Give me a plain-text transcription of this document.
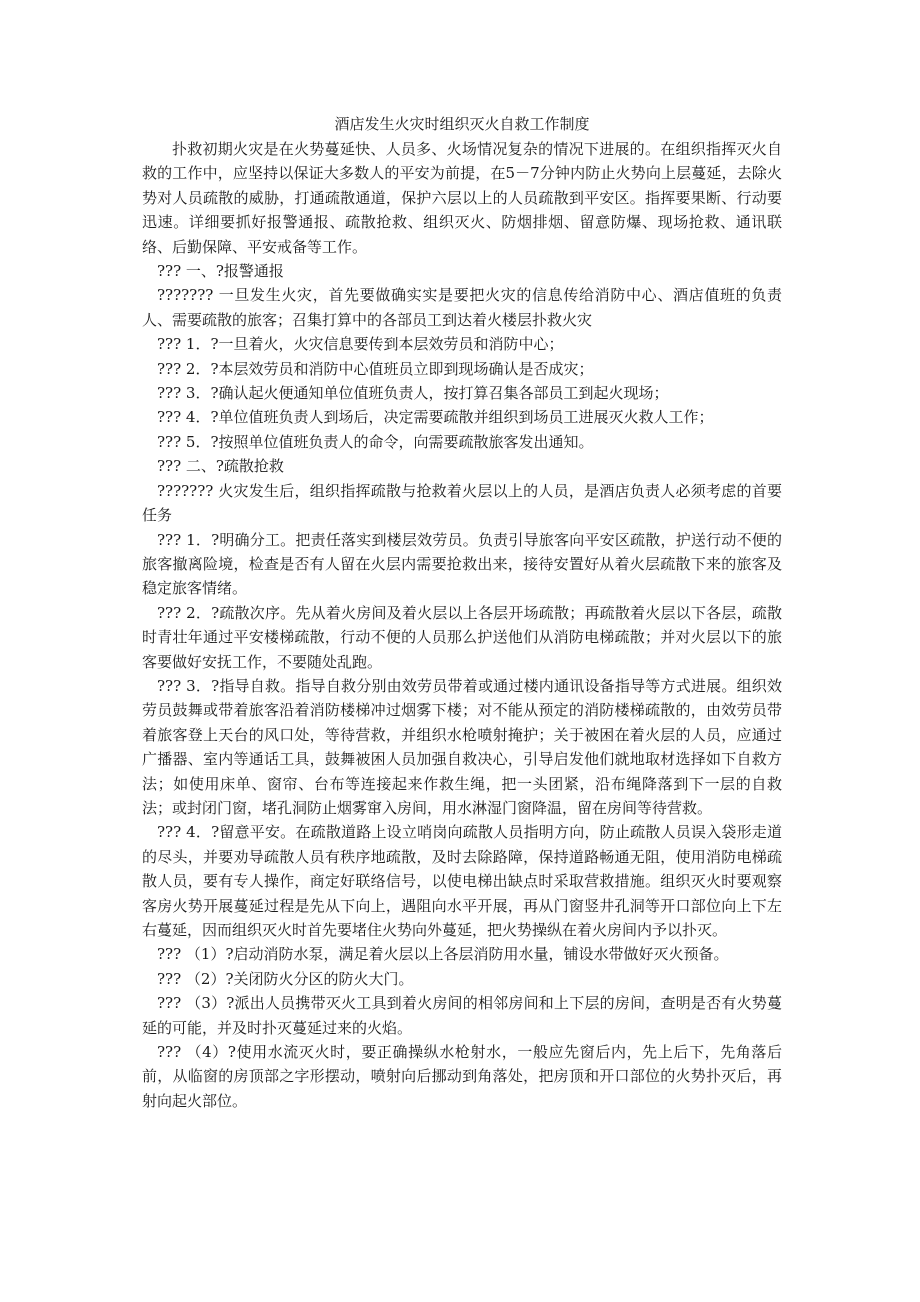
酒店发生火灾时组织灭火自救工作制度

扑救初期火灾是在火势蔓延快、人员多、火场情况复杂的情况下进展的。在组织指挥灭火自救的工作中，应坚持以保证大多数人的平安为前提，在5－7分钟内防止火势向上层蔓延，去除火势对人员疏散的威胁，打通疏散通道，保护六层以上的人员疏散到平安区。指挥要果断、行动要迅速。详细要抓好报警通报、疏散抢救、组织灭火、防烟排烟、留意防爆、现场抢救、通讯联络、后勤保障、平安戒备等工作。

??? 一、?报警通报

??????? 一旦发生火灾，首先要做确实实是要把火灾的信息传给消防中心、酒店值班的负责人、需要疏散的旅客；召集打算中的各部员工到达着火楼层扑救火灾

??? 1．?一旦着火，火灾信息要传到本层效劳员和消防中心；

??? 2．?本层效劳员和消防中心值班员立即到现场确认是否成灾；

??? 3．?确认起火便通知单位值班负责人，按打算召集各部员工到起火现场；

??? 4．?单位值班负责人到场后，决定需要疏散并组织到场员工进展灭火救人工作；

??? 5．?按照单位值班负责人的命令，向需要疏散旅客发出通知。

??? 二、?疏散抢救

??????? 火灾发生后，组织指挥疏散与抢救着火层以上的人员，是酒店负责人必须考虑的首要任务

??? 1．?明确分工。把责任落实到楼层效劳员。负责引导旅客向平安区疏散，护送行动不便的旅客撤离险境，检查是否有人留在火层内需要抢救出来，接待安置好从着火层疏散下来的旅客及稳定旅客情绪。

??? 2．?疏散次序。先从着火房间及着火层以上各层开场疏散；再疏散着火层以下各层，疏散时青壮年通过平安楼梯疏散，行动不便的人员那么护送他们从消防电梯疏散；并对火层以下的旅客要做好安抚工作，不要随处乱跑。

??? 3．?指导自救。指导自救分别由效劳员带着或通过楼内通讯设备指导等方式进展。组织效劳员鼓舞或带着旅客沿着消防楼梯冲过烟雾下楼；对不能从预定的消防楼梯疏散的，由效劳员带着旅客登上天台的风口处，等待营救，并组织水枪喷射掩护；关于被困在着火层的人员，应通过广播器、室内等通话工具，鼓舞被困人员加强自救决心，引导启发他们就地取材选择如下自救方法；如使用床单、窗帘、台布等连接起来作救生绳，把一头团紧，沿布绳降落到下一层的自救法；或封闭门窗，堵孔洞防止烟雾窜入房间，用水淋湿门窗降温，留在房间等待营救。

??? 4．?留意平安。在疏散道路上设立哨岗向疏散人员指明方向，防止疏散人员误入袋形走道的尽头，并要劝导疏散人员有秩序地疏散，及时去除路障，保持道路畅通无阻，使用消防电梯疏散人员，要有专人操作，商定好联络信号，以使电梯出缺点时采取营救措施。组织灭火时要观察客房火势开展蔓延过程是先从下向上，遇阻向水平开展，再从门窗竖井孔洞等开口部位向上下左右蔓延，因而组织灭火时首先要堵住火势向外蔓延，把火势操纵在着火房间内予以扑灭。

??? （1）?启动消防水泵，满足着火层以上各层消防用水量，铺设水带做好灭火预备。

??? （2）?关闭防火分区的防火大门。

??? （3）?派出人员携带灭火工具到着火房间的相邻房间和上下层的房间，查明是否有火势蔓延的可能，并及时扑灭蔓延过来的火焰。

??? （4）?使用水流灭火时，要正确操纵水枪射水，一般应先窗后内，先上后下，先角落后前，从临窗的房顶部之字形摆动，喷射向后挪动到角落处，把房顶和开口部位的火势扑灭后，再射向起火部位。
